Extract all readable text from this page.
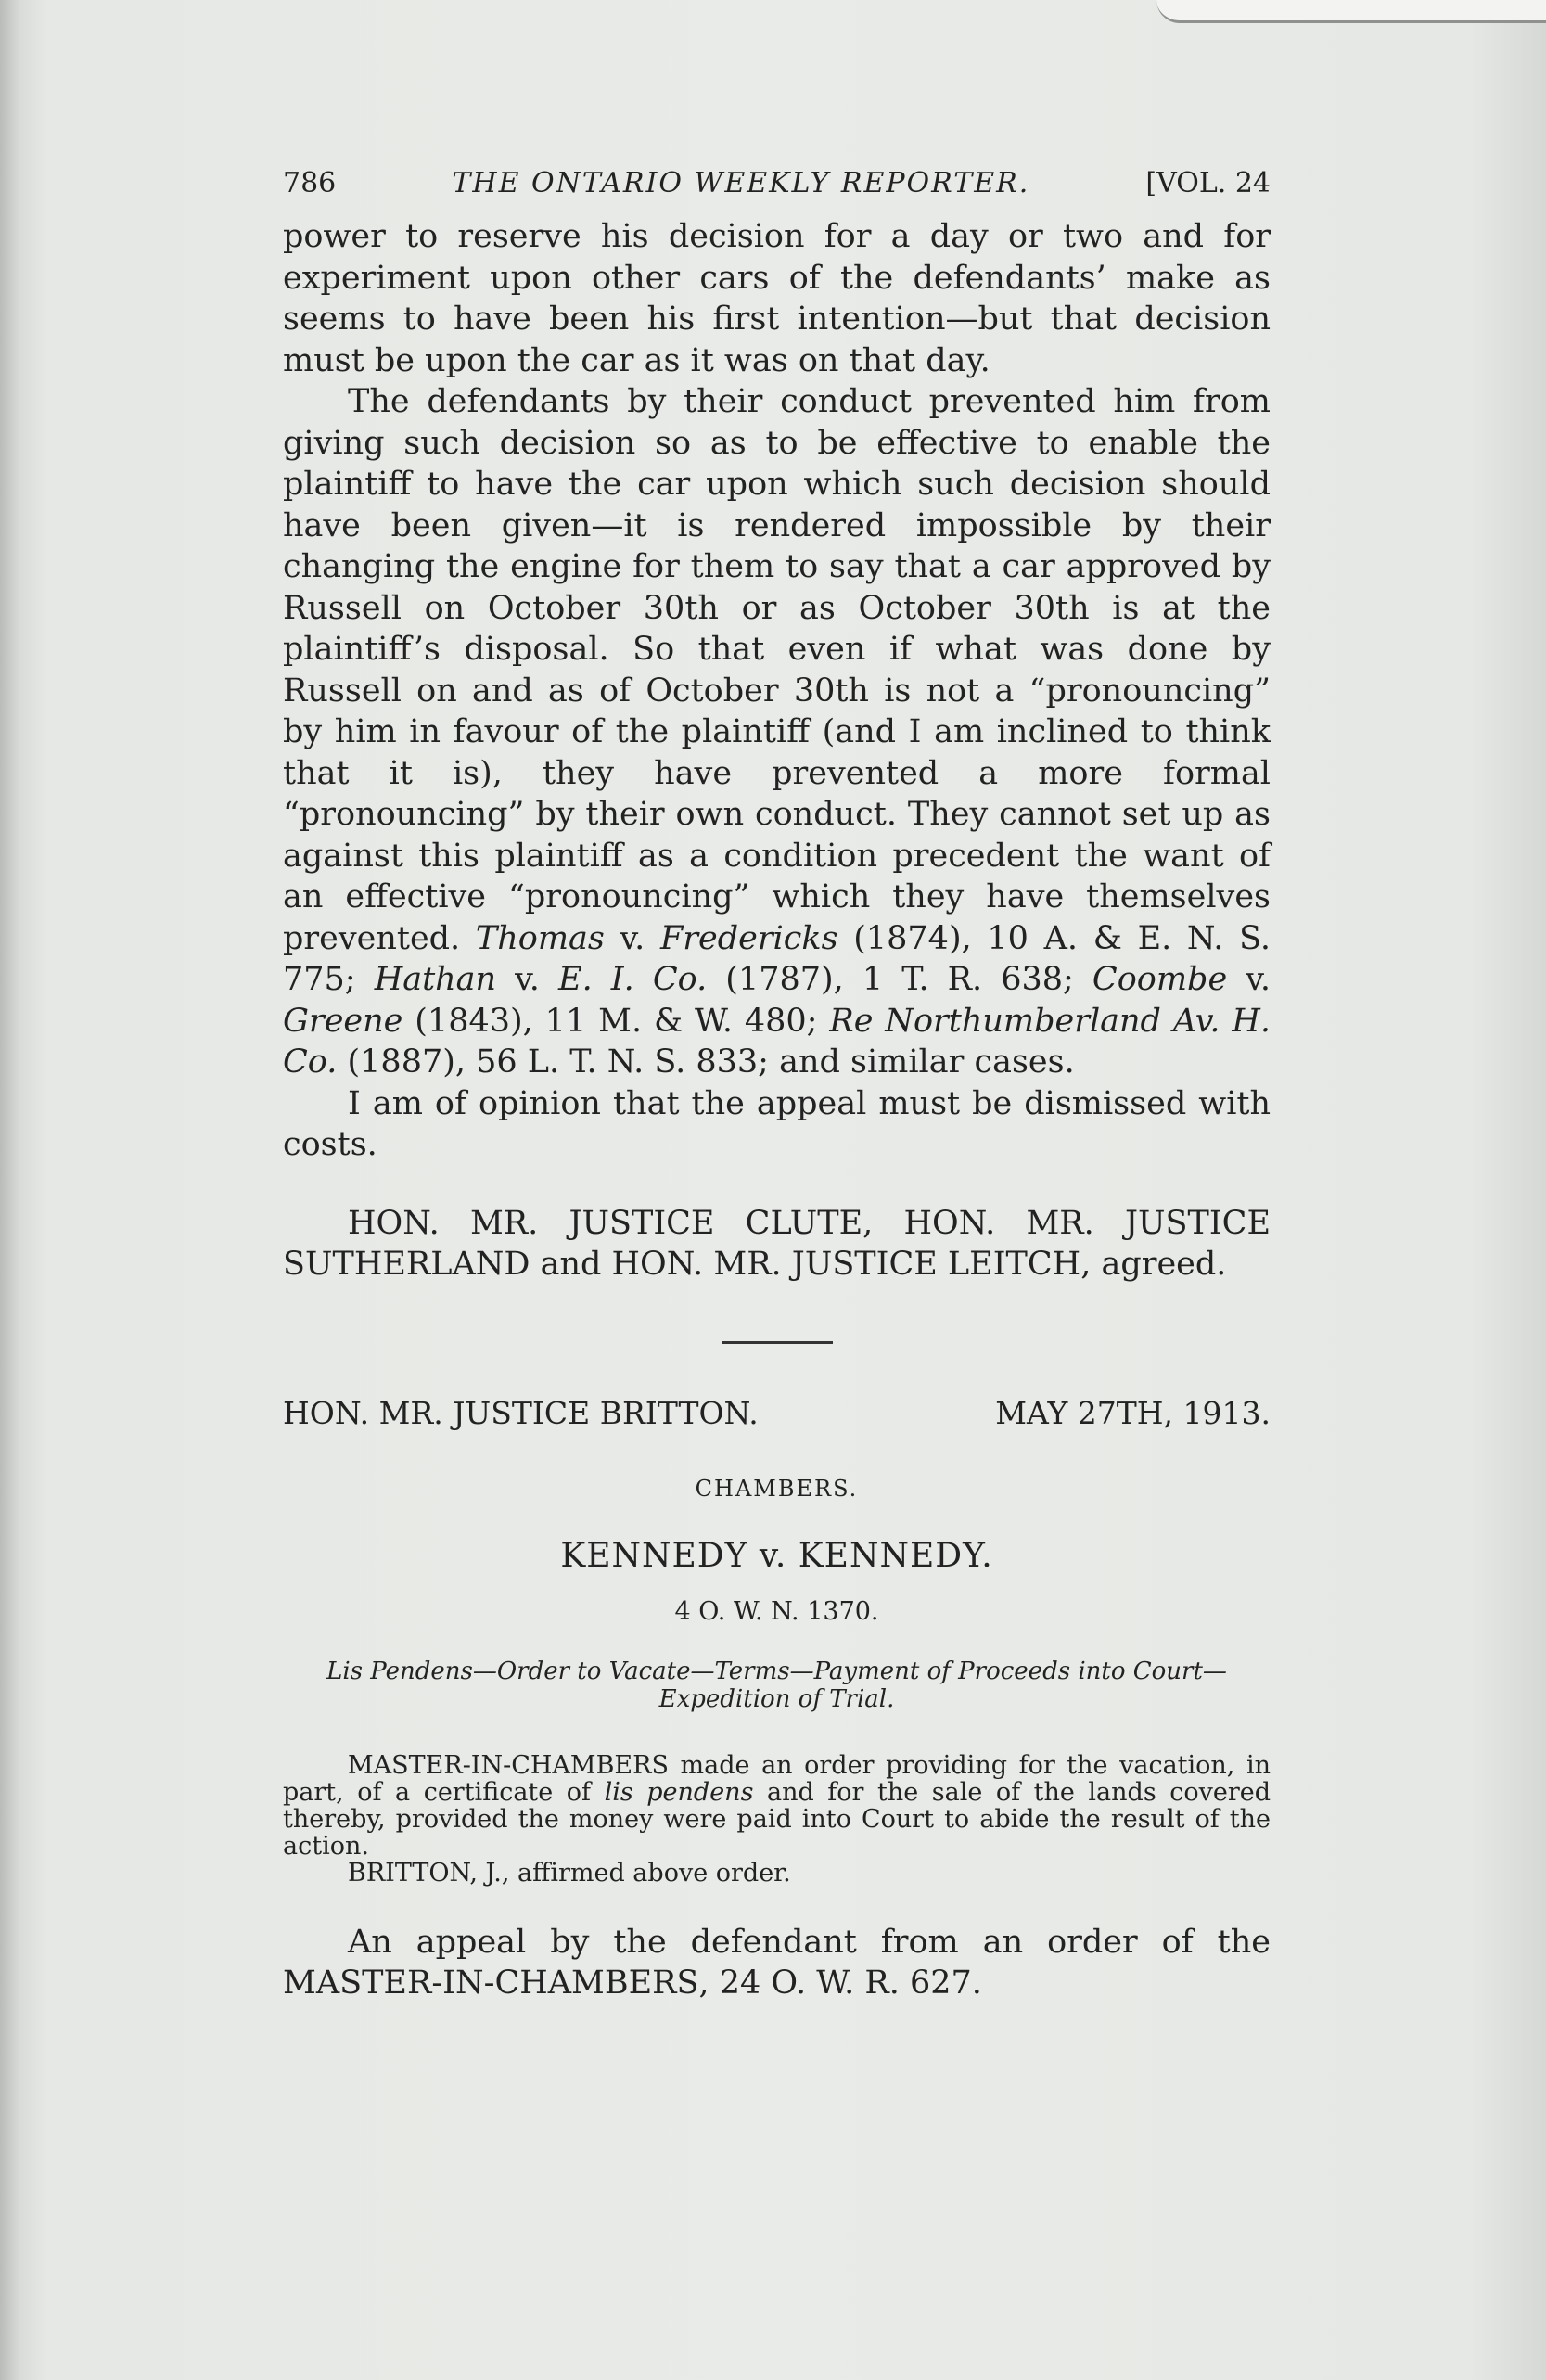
786	THE ONTARIO WEEKLY REPORTER.	[VOL. 24

power to reserve his decision for a day or two and for experiment upon other cars of the defendants’ make as seems to have been his first intention—but that decision must be upon the car as it was on that day.

The defendants by their conduct prevented him from giving such decision so as to be effective to enable the plaintiff to have the car upon which such decision should have been given—it is rendered impossible by their changing the engine for them to say that a car approved by Russell on October 30th or as October 30th is at the plaintiff’s disposal. So that even if what was done by Russell on and as of October 30th is not a “pronouncing” by him in favour of the plaintiff (and I am inclined to think that it is), they have prevented a more formal “pronouncing” by their own conduct. They cannot set up as against this plaintiff as a condition precedent the want of an effective “pronouncing” which they have themselves prevented. Thomas v. Fredericks (1874), 10 A. & E. N. S. 775; Hathan v. E. I. Co. (1787), 1 T. R. 638; Coombe v. Greene (1843), 11 M. & W. 480; Re Northumberland Av. H. Co. (1887), 56 L. T. N. S. 833; and similar cases.

I am of opinion that the appeal must be dismissed with costs.

HON. MR. JUSTICE CLUTE, HON. MR. JUSTICE SUTHERLAND and HON. MR. JUSTICE LEITCH, agreed.

HON. MR. JUSTICE BRITTON.	MAY 27TH, 1913.
CHAMBERS.
KENNEDY v. KENNEDY.
4 O. W. N. 1370.

Lis Pendens—Order to Vacate—Terms—Payment of Proceeds into Court—Expedition of Trial.

MASTER-IN-CHAMBERS made an order providing for the vacation, in part, of a certificate of lis pendens and for the sale of the lands covered thereby, provided the money were paid into Court to abide the result of the action.

BRITTON, J., affirmed above order.

An appeal by the defendant from an order of the MASTER-IN-CHAMBERS, 24 O. W. R. 627.
